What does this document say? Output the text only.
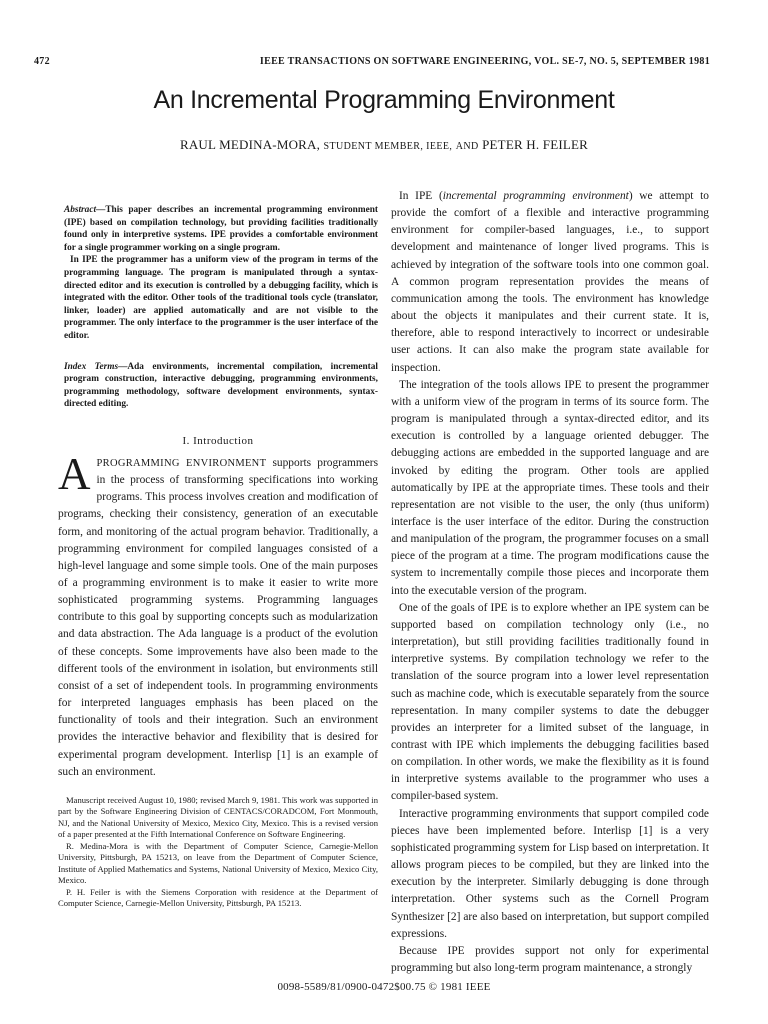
472	IEEE TRANSACTIONS ON SOFTWARE ENGINEERING, VOL. SE-7, NO. 5, SEPTEMBER 1981
An Incremental Programming Environment
RAUL MEDINA-MORA, STUDENT MEMBER, IEEE, AND PETER H. FEILER

Abstract—This paper describes an incremental programming environment (IPE) based on compilation technology, but providing facilities traditionally found only in interpretive systems. IPE provides a comfortable environment for a single programmer working on a single program.

In IPE the programmer has a uniform view of the program in terms of the programming language. The program is manipulated through a syntax-directed editor and its execution is controlled by a debugging facility, which is integrated with the editor. Other tools of the traditional tools cycle (translator, linker, loader) are applied automatically and are not visible to the programmer. The only interface to the programmer is the user interface of the editor.

Index Terms—Ada environments, incremental compilation, incremental program construction, interactive debugging, programming environments, programming methodology, software development environments, syntax-directed editing.

I. Introduction

APROGRAMMING ENVIRONMENT supports programmers in the process of transforming specifications into working programs. This process involves creation and modification of programs, checking their consistency, generation of an executable form, and monitoring of the actual program behavior. Traditionally, a programming environment for compiled languages consisted of a high-level language and some simple tools. One of the main purposes of a programming environment is to make it easier to write more sophisticated programming systems. Programming languages contribute to this goal by supporting concepts such as modularization and data abstraction. The Ada language is a product of the evolution of these concepts. Some improvements have also been made to the different tools of the environment in isolation, but environments still consist of a set of independent tools. In programming environments for interpreted languages emphasis has been placed on the functionality of tools and their integration. Such an environment provides the interactive behavior and flexibility that is desired for experimental program development. Interlisp [1] is an example of such an environment.

Manuscript received August 10, 1980; revised March 9, 1981. This work was supported in part by the Software Engineering Division of CENTACS/CORADCOM, Fort Monmouth, NJ, and the National University of Mexico, Mexico City, Mexico. This is a revised version of a paper presented at the Fifth International Conference on Software Engineering.

R. Medina-Mora is with the Department of Computer Science, Carnegie-Mellon University, Pittsburgh, PA 15213, on leave from the Department of Computer Science, Institute of Applied Mathematics and Systems, National University of Mexico, Mexico City, Mexico.

P. H. Feiler is with the Siemens Corporation with residence at the Department of Computer Science, Carnegie-Mellon University, Pittsburgh, PA 15213.

In IPE (incremental programming environment) we attempt to provide the comfort of a flexible and interactive programming environment for compiler-based languages, i.e., to support development and maintenance of longer lived programs. This is achieved by integration of the software tools into one common goal. A common program representation provides the means of communication among the tools. The environment has knowledge about the objects it manipulates and their current state. It is, therefore, able to respond interactively to incorrect or undesirable user actions. It can also make the program state available for inspection.

The integration of the tools allows IPE to present the programmer with a uniform view of the program in terms of its source form. The program is manipulated through a syntax-directed editor, and its execution is controlled by a language oriented debugger. The debugging actions are embedded in the supported language and are invoked by editing the program. Other tools are applied automatically by IPE at the appropriate times. These tools and their representation are not visible to the user, the only (thus uniform) interface is the user interface of the editor. During the construction and manipulation of the program, the programmer focuses on a small piece of the program at a time. The program modifications cause the system to incrementally compile those pieces and incorporate them into the executable version of the program.

One of the goals of IPE is to explore whether an IPE system can be supported based on compilation technology only (i.e., no interpretation), but still providing facilities traditionally found in interpretive systems. By compilation technology we refer to the translation of the source program into a lower level representation such as machine code, which is executable separately from the source representation. In many compiler systems to date the debugger provides an interpreter for a limited subset of the language, in contrast with IPE which implements the debugging facilities based on compilation. In other words, we make the flexibility as it is found in interpretive systems available to the programmer who uses a compiler-based system.

Interactive programming environments that support compiled code pieces have been implemented before. Interlisp [1] is a very sophisticated programming system for Lisp based on interpretation. It allows program pieces to be compiled, but they are linked into the execution by the interpreter. Similarly debugging is done through interpretation. Other systems such as the Cornell Program Synthesizer [2] are also based on interpretation, but support compiled expressions.

Because IPE provides support not only for experimental programming but also long-term program maintenance, a strongly

0098-5589/81/0900-0472$00.75 © 1981 IEEE
